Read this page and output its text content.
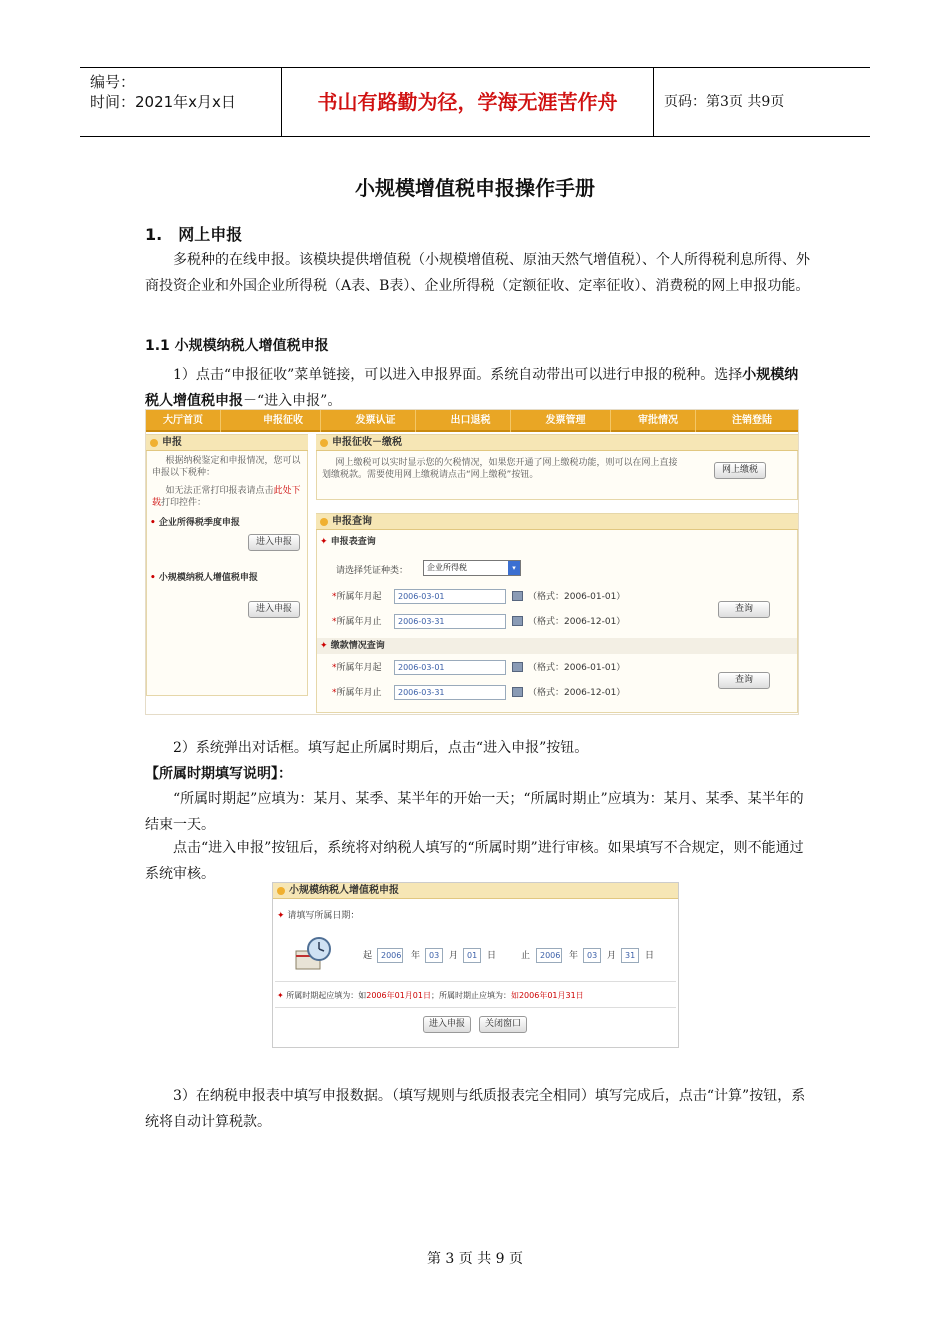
编号：
时间：2021年x月x日	书山有路勤为径，学海无涯苦作舟	页码：第3页 共9页
小规模增值税申报操作手册
1.　网上申报
多税种的在线申报。该模块提供增值税（小规模增值税、原油天然气增值税）、个人所得税利息所得、外商投资企业和外国企业所得税（A表、B表）、企业所得税（定额征收、定率征收）、消费税的网上申报功能。
1.1 小规模纳税人增值税申报
1）点击“申报征收”菜单链接，可以进入申报界面。系统自动带出可以进行申报的税种。选择小规模纳税人增值税申报－“进入申报”。
大厅首页	申报征收	发票认证	出口退税	发票管理	审批情况	注销登陆
申报
根据纳税鉴定和申报情况，您可以申报以下税种：
如无法正常打印报表请点击此处下载打印控件：
• 企业所得税季度申报
进入申报
• 小规模纳税人增值税申报
进入申报
申报征收－缴税
网上缴税可以实时显示您的欠税情况，如果您开通了网上缴税功能，则可以在网上直接划缴税款。需要使用网上缴税请点击“网上缴税”按钮。	网上缴税
申报查询
✦ 申报表查询
请选择凭证种类：	企业所得税	▾
*所属年月起	2006-03-01	（格式：2006-01-01）
*所属年月止	2006-03-31	（格式：2006-12-01）
查询
✦ 缴款情况查询
*所属年月起	2006-03-01	（格式：2006-01-01）
*所属年月止	2006-03-31	（格式：2006-12-01）
查询
2）系统弹出对话框。填写起止所属时期后，点击“进入申报”按钮。
【所属时期填写说明】：
“所属时期起”应填为：某月、某季、某半年的开始一天；“所属时期止”应填为：某月、某季、某半年的结束一天。
点击“进入申报”按钮后，系统将对纳税人填写的“所属时期”进行审核。如果填写不合规定，则不能通过系统审核。
小规模纳税人增值税申报
✦ 请填写所属日期：
起	2006 年	03	月	01	日	止	2006 年	03	月	31	日
✦ 所属时期起应填为：如2006年01月01日；所属时期止应填为：如2006年01月31日
进入申报	关闭窗口
3）在纳税申报表中填写申报数据。（填写规则与纸质报表完全相同）填写完成后，点击“计算”按钮，系统将自动计算税款。
第 3 页 共 9 页
